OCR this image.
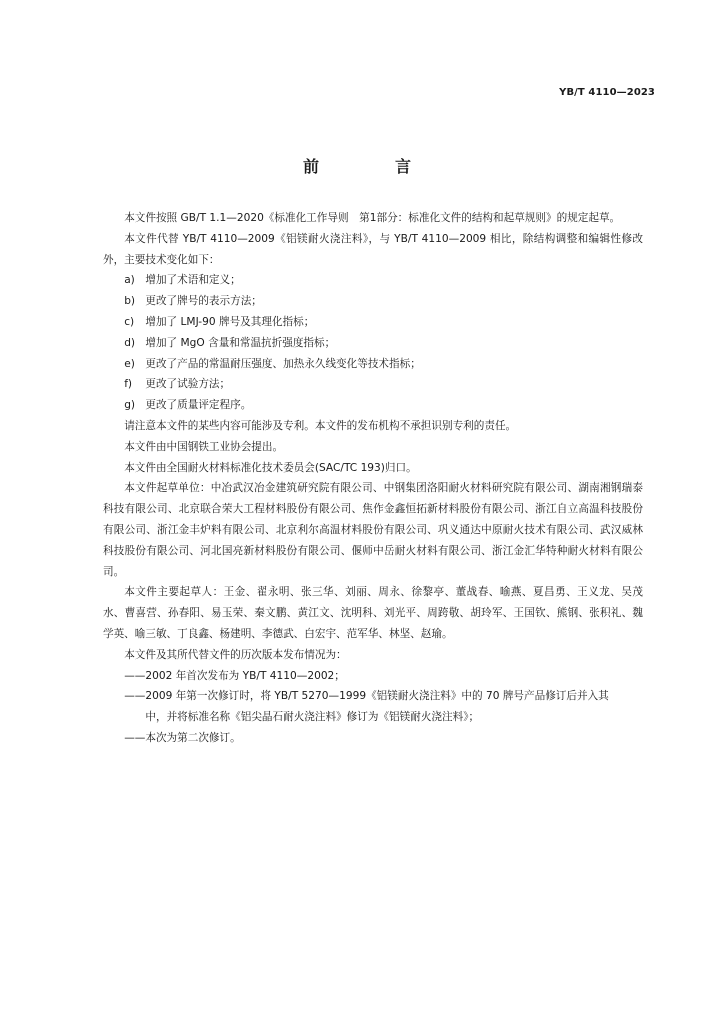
YB/T 4110—2023
前　言

本文件按照 GB/T 1.1—2020《标准化工作导则　第1部分：标准化文件的结构和起草规则》的规定起草。

本文件代替 YB/T 4110—2009《铝镁耐火浇注料》，与 YB/T 4110—2009 相比，除结构调整和编辑性修改外，主要技术变化如下：

a) 增加了术语和定义；
b) 更改了牌号的表示方法；
c) 增加了 LMJ-90 牌号及其理化指标；
d) 增加了 MgO 含量和常温抗折强度指标；
e) 更改了产品的常温耐压强度、加热永久线变化等技术指标；
f) 更改了试验方法；
g) 更改了质量评定程序。

请注意本文件的某些内容可能涉及专利。本文件的发布机构不承担识别专利的责任。

本文件由中国钢铁工业协会提出。

本文件由全国耐火材料标准化技术委员会(SAC/TC 193)归口。

本文件起草单位：中冶武汉冶金建筑研究院有限公司、中钢集团洛阳耐火材料研究院有限公司、湖南湘钢瑞泰科技有限公司、北京联合荣大工程材料股份有限公司、焦作金鑫恒拓新材料股份有限公司、浙江自立高温科技股份有限公司、浙江金丰炉料有限公司、北京利尔高温材料股份有限公司、巩义通达中原耐火技术有限公司、武汉威林科技股份有限公司、河北国亮新材料股份有限公司、偃师中岳耐火材料有限公司、浙江金汇华特种耐火材料有限公司。

本文件主要起草人：王金、翟永明、张三华、刘丽、周永、徐黎亭、董战春、喻燕、夏昌勇、王义龙、吴茂水、曹喜营、孙春阳、易玉荣、秦文鹏、黄江文、沈明科、刘光平、周跨敬、胡玲军、王国钦、熊钢、张积礼、魏学英、喻三敏、丁良鑫、杨建明、李德武、白宏宇、范军华、林坚、赵瑜。

本文件及其所代替文件的历次版本发布情况为：

——2002 年首次发布为 YB/T 4110—2002；

——2009 年第一次修订时，将 YB/T 5270—1999《铝镁耐火浇注料》中的 70 牌号产品修订后并入其

中，并将标准名称《铝尖晶石耐火浇注料》修订为《铝镁耐火浇注料》；

——本次为第二次修订。
